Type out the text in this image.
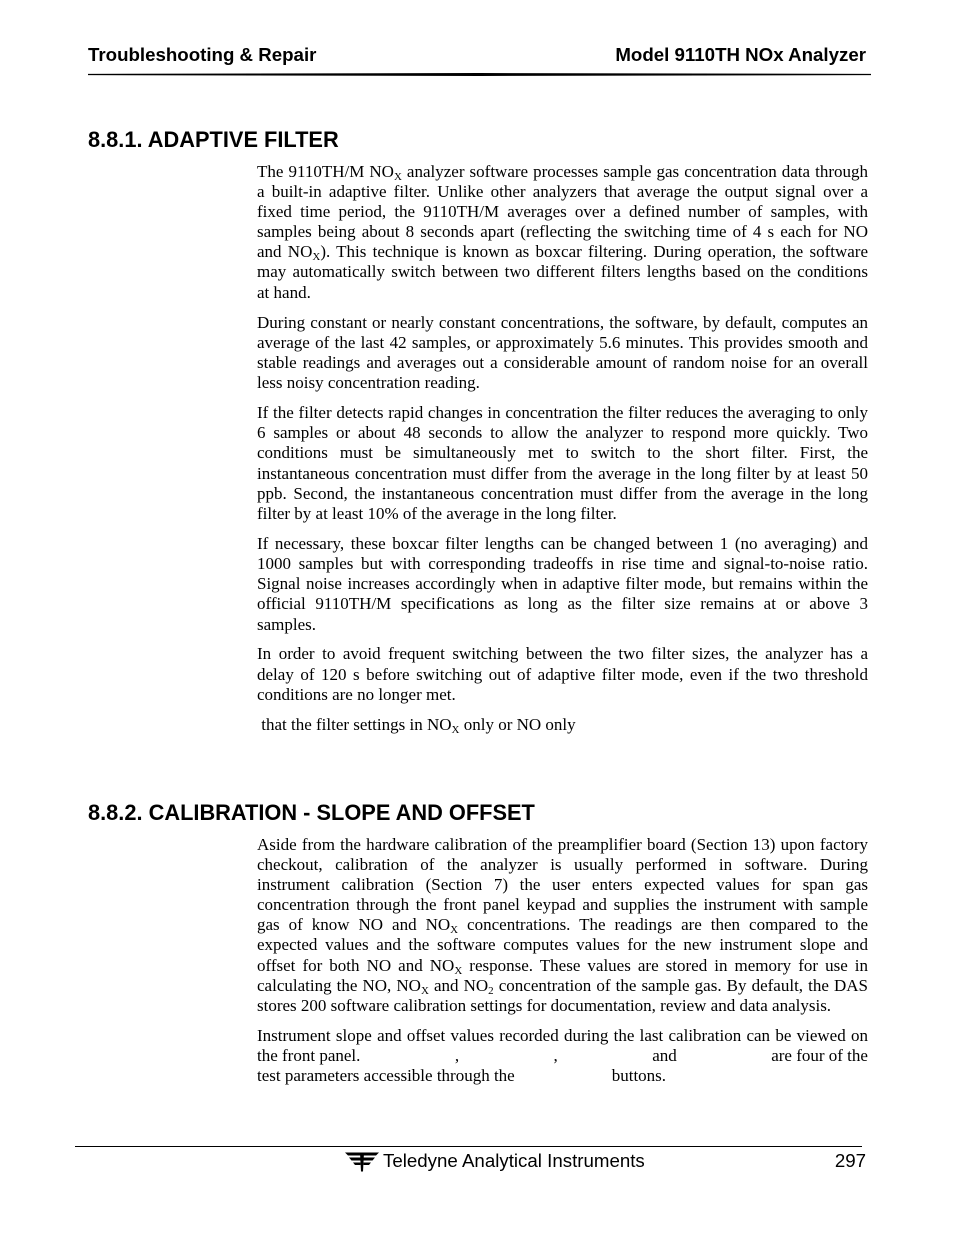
Troubleshooting & Repair	Model 9110TH NOx Analyzer
8.8.1. ADAPTIVE FILTER
The 9110TH/M $NO_X$ analyzer software processes sample gas concentration data through
a built-in adaptive filter. Unlike other analyzers that average the output signal over a
fixed time period, the 9110TH/M averages over a defined number of samples, with
samples being about 8 seconds apart (reflecting the switching time of 4 s each for NO
and $NO_X$). This technique is known as boxcar filtering. During operation, the software
may automatically switch between two different filters lengths based on the conditions
at hand.
During constant or nearly constant concentrations, the software, by default, computes an
average of the last 42 samples, or approximately 5.6 minutes. This provides smooth and
stable readings and averages out a considerable amount of random noise for an overall
less noisy concentration reading.
If the filter detects rapid changes in concentration the filter reduces the averaging to only
6 samples or about 48 seconds to allow the analyzer to respond more quickly. Two
conditions must be simultaneously met to switch to the short filter. First, the
instantaneous concentration must differ from the average in the long filter by at least 50
ppb. Second, the instantaneous concentration must differ from the average in the long
filter by at least 10% of the average in the long filter.
If necessary, these boxcar filter lengths can be changed between 1 (no averaging) and
1000 samples but with corresponding tradeoffs in rise time and signal-to-noise ratio.
Signal noise increases accordingly when in adaptive filter mode, but remains within the
official 9110TH/M specifications as long as the filter size remains at or above 3
samples.
In order to avoid frequent switching between the two filter sizes, the analyzer has a
delay of 120 s before switching out of adaptive filter mode, even if the two threshold
conditions are no longer met.
that the filter settings in $NO_X$ only or NO only
8.8.2. CALIBRATION - SLOPE AND OFFSET
Aside from the hardware calibration of the preamplifier board (Section 13) upon factory
checkout, calibration of the analyzer is usually performed in software. During
instrument calibration (Section 7) the user enters expected values for span gas
concentration through the front panel keypad and supplies the instrument with sample
gas of know NO and $NO_X$ concentrations. The readings are then compared to the
expected values and the software computes values for the new instrument slope and
offset for both NO and $NO_X$ response. These values are stored in memory for use in
calculating the NO, $NO_X$ and $NO_2$ concentration of the sample gas. By default, the DAS
stores 200 software calibration settings for documentation, review and data analysis.
Instrument slope and offset values recorded during the last calibration can be viewed on
the front panel.	,	,	and	are four of the
test parameters accessible through the	buttons.
Teledyne Analytical Instruments	297
